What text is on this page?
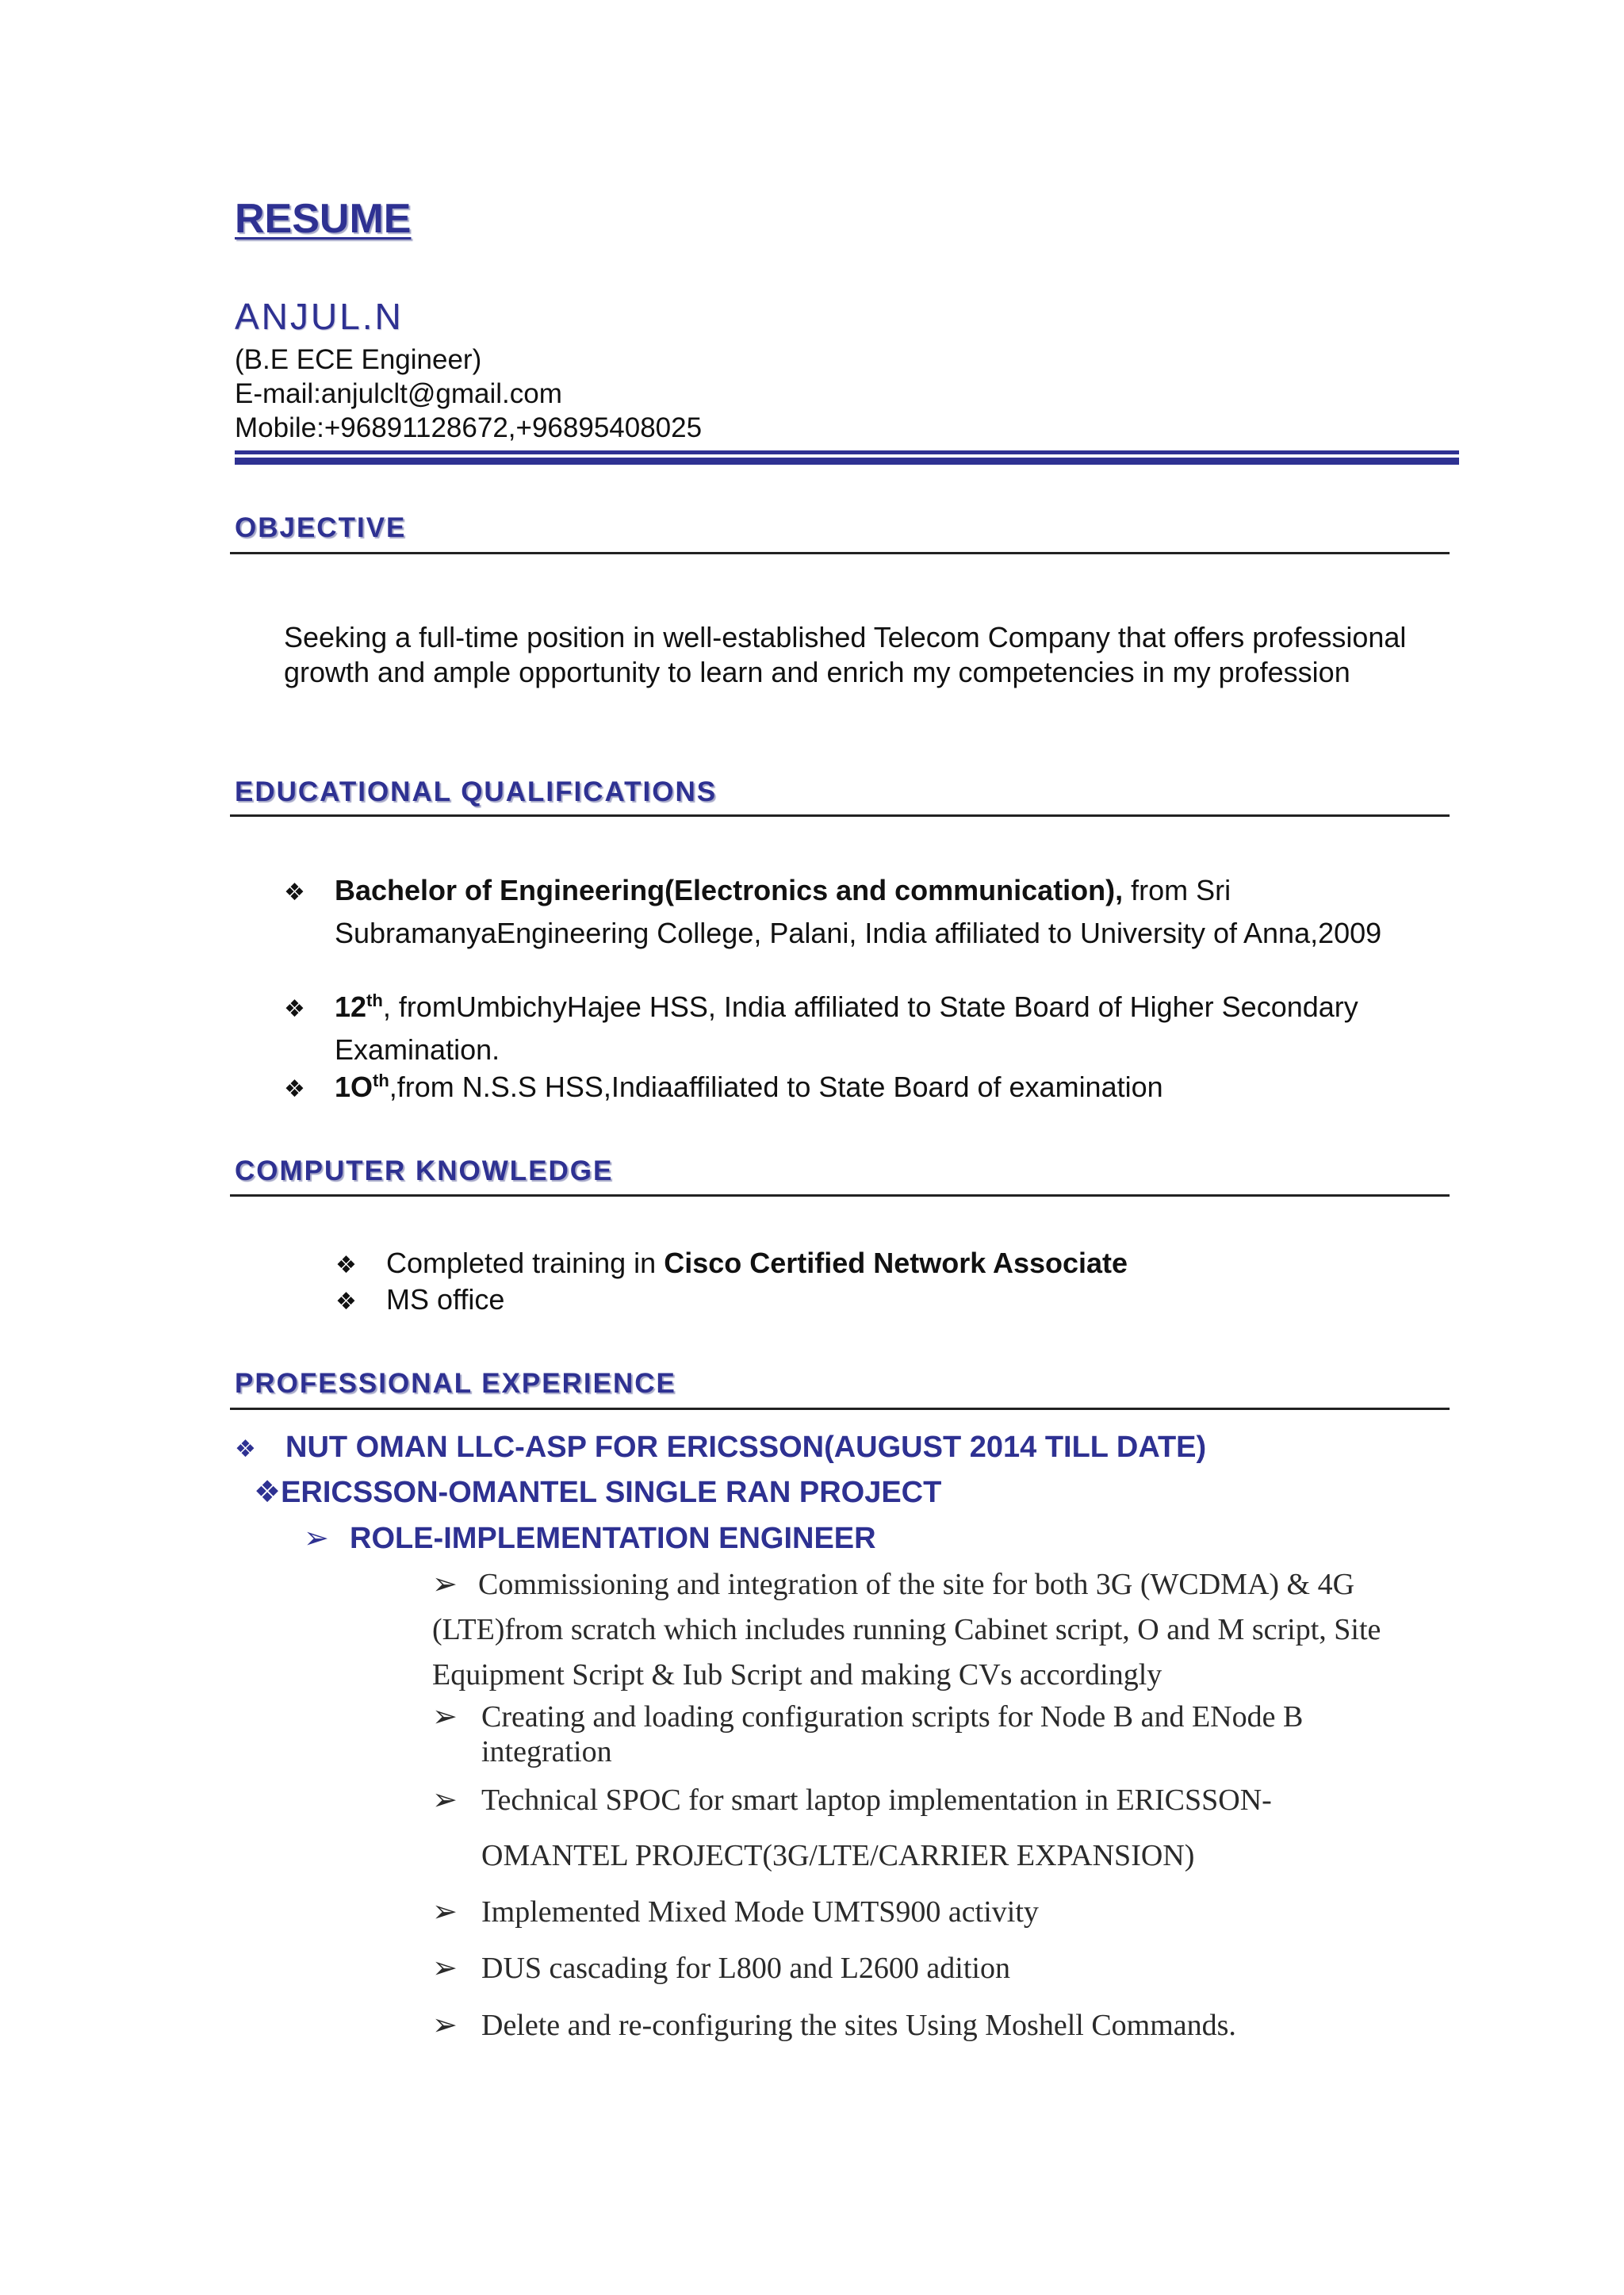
RESUME
ANJUL.N
(B.E ECE Engineer)
E-mail:anjulclt@gmail.com
Mobile:+96891128672,+96895408025
OBJECTIVE
Seeking a full-time position in well-established Telecom Company that offers professional growth and ample opportunity to learn and enrich my competencies in my profession
EDUCATIONAL QUALIFICATIONS
❖ Bachelor of Engineering(Electronics and communication), from Sri SubramanyaEngineering College, Palani, India affiliated to University of Anna,2009
❖ 12th, fromUmbichyHajee HSS, India affiliated to State Board of Higher Secondary Examination.
❖ $1O^{th},from$ N.S.S HSS,Indiaaffiliated to State Board of examination
COMPUTER KNOWLEDGE
❖ Completed training in Cisco Certified Network Associate
❖ MS office
PROFESSIONAL EXPERIENCE
❖ NUT OMAN LLC-ASP FOR ERICSSON(AUGUST 2014 TILL DATE)
❖ERICSSON-OMANTEL SINGLE RAN PROJECT
➢ ROLE-IMPLEMENTATION ENGINEER
Commissioning and integration of the site for both 3G (WCDMA) & 4G (LTE)from scratch which includes running Cabinet script, O and M script, Site Equipment Script & Iub Script and making CVs accordingly
➢
➢ Creating and loading configuration scripts for Node B and ENode B integration
➢ Technical SPOC for smart laptop implementation in ERICSSON-OMANTEL PROJECT(3G/LTE/CARRIER EXPANSION)
➢ Implemented Mixed Mode UMTS900 activity
➢ DUS cascading for L800 and L2600 adition
➢ Delete and re-configuring the sites Using Moshell Commands.
